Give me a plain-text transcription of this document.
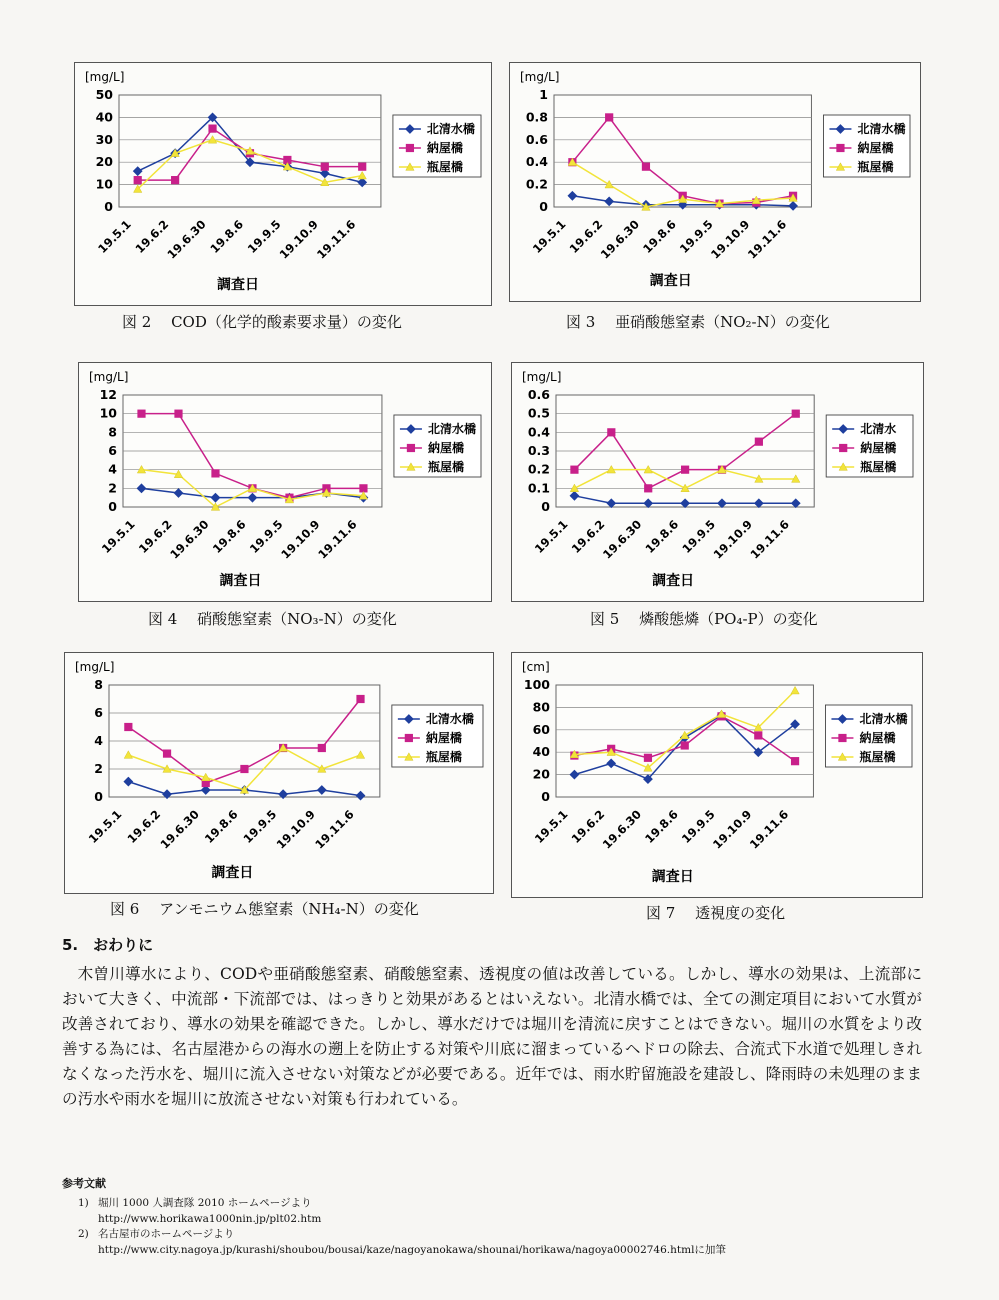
[mg/L]
50
40
30
20
10
0
19.5.1
19.6.2
19.6.30
19.8.6
19.9.5
19.10.9
19.11.6
調査日
北清水橋
納屋橋
瓶屋橋
図 2　 COD（化学的酸素要求量）の変化
[mg/L]
1
0.8
0.6
0.4
0.2
0
19.5.1
19.6.2
19.6.30
19.8.6
19.9.5
19.10.9
19.11.6
調査日
北清水橋
納屋橋
瓶屋橋
図 3　 亜硝酸態窒素（NO₂-N）の変化
[mg/L]
12
10
8
6
4
2
0
19.5.1
19.6.2
19.6.30
19.8.6
19.9.5
19.10.9
19.11.6
調査日
北清水橋
納屋橋
瓶屋橋
図 4　 硝酸態窒素（NO₃-N）の変化
[mg/L]
0.6
0.5
0.4
0.3
0.2
0.1
0
19.5.1
19.6.2
19.6.30
19.8.6
19.9.5
19.10.9
19.11.6
調査日
北清水
納屋橋
瓶屋橋
図 5　 燐酸態燐（PO₄-P）の変化
[mg/L]
8
6
4
2
0
19.5.1 19.6.2
19.6.30 19.8.6 19.9.5
19.10.9
19.11.6
調査日
北清水橋
納屋橋
瓶屋橋
図 6　 アンモニウム態窒素（NH₄-N）の変化
[cm]
100
80
60
40
20
0
19.5.1
19.6.2
19.6.30
19.8.6
19.9.5
19.10.9
19.11.6
調査日
北清水橋
納屋橋
瓶屋橋
図 7　 透視度の変化
5.　おわりに
木曽川導水により、CODや亜硝酸態窒素、硝酸態窒素、透視度の値は改善している。しかし、導水の効果は、上流部において大きく、中流部・下流部では、はっきりと効果があるとはいえない。北清水橋では、全ての測定項目において水質が改善されており、導水の効果を確認できた。しかし、導水だけでは堀川を清流に戻すことはできない。堀川の水質をより改善する為には、名古屋港からの海水の遡上を防止する対策や川底に溜まっているヘドロの除去、合流式下水道で処理しきれなくなった汚水を、堀川に流入させない対策などが必要である。近年では、雨水貯留施設を建設し、降雨時の未処理のままの汚水や雨水を堀川に放流させない対策も行われている。
参考文献
1) 堀川 1000 人調査隊 2010 ホームページより
http://www.horikawa1000nin.jp/plt02.htm
2) 名古屋市のホームページより
http://www.city.nagoya.jp/kurashi/shoubou/bousai/kaze/nagoyanokawa/shounai/horikawa/nagoya00002746.htmlに加筆
